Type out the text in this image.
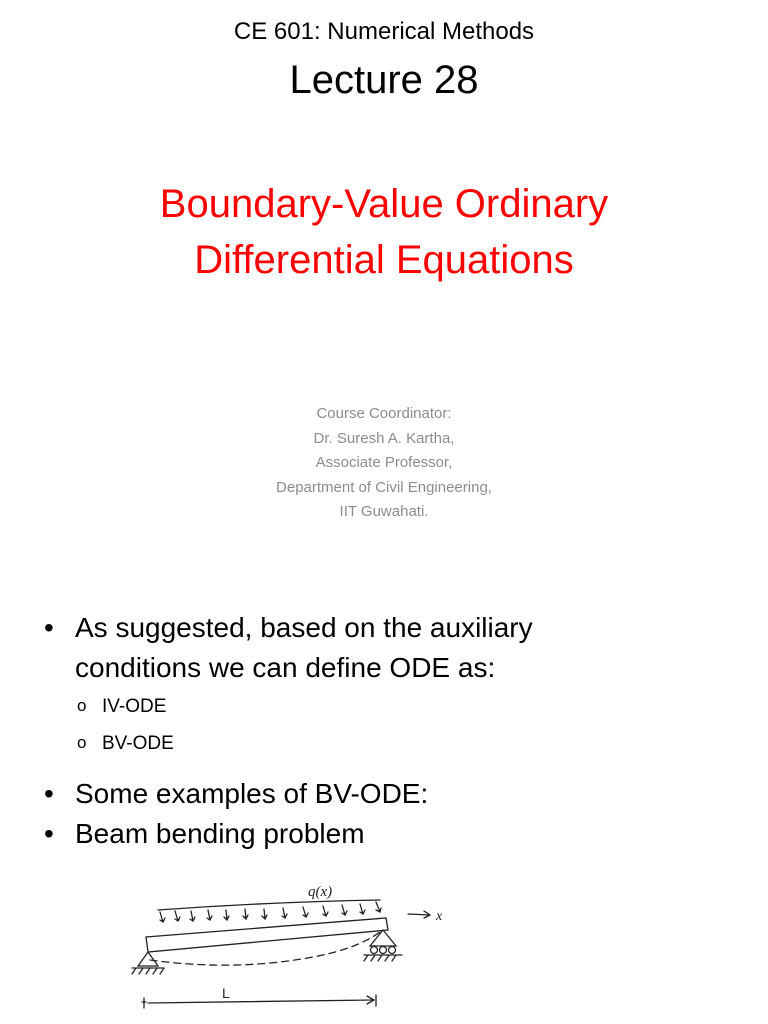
CE 601: Numerical Methods
Lecture 28
Boundary-Value Ordinary
Differential Equations
Course Coordinator:
Dr. Suresh A. Kartha,
Associate Professor,
Department of Civil Engineering,
IIT Guwahati.
• As suggested, based on the auxiliary
conditions we can define ODE as:
o IV-ODE
o BV-ODE
• Some examples of BV-ODE:
• Beam bending problem
q(x)
x
L
